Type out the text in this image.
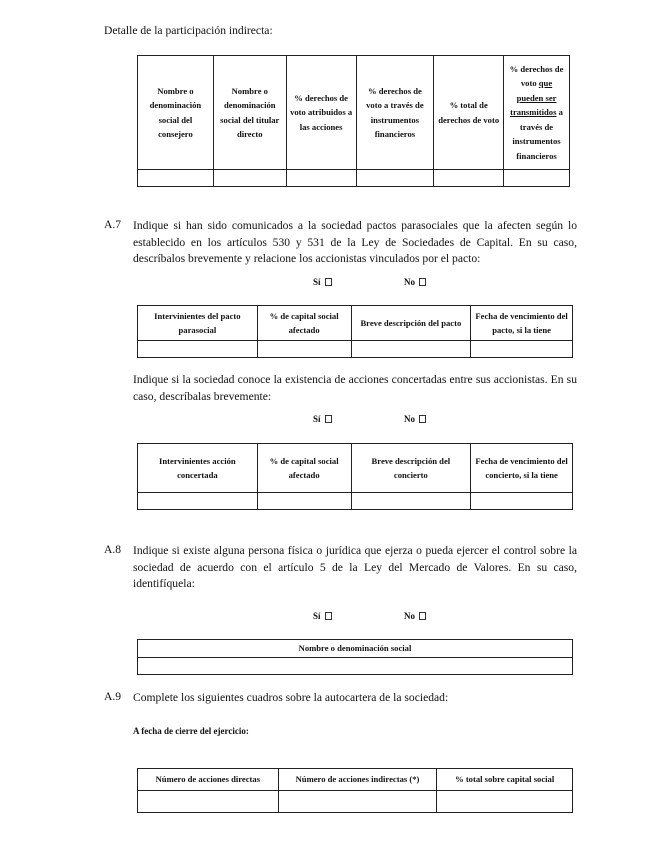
Detalle de la participación indirecta:
Nombre o denominación social del consejero	Nombre o denominación social del titular directo	% derechos de voto atribuidos a las acciones	% derechos de voto a través de instrumentos financieros	% total de derechos de voto	% derechos de voto que pueden ser transmitidos a través de instrumentos financieros

A.7 Indique si han sido comunicados a la sociedad pactos parasociales que la afecten según lo establecido en los artículos 530 y 531 de la Ley de Sociedades de Capital. En su caso, descríbalos brevemente y relacione los accionistas vinculados por el pacto:
Sí	No
Intervinientes del pacto parasocial	% de capital social afectado	Breve descripción del pacto	Fecha de vencimiento del pacto, si la tiene

Indique si la sociedad conoce la existencia de acciones concertadas entre sus accionistas. En su caso, descríbalas brevemente:
Sí	No
Intervinientes acción concertada	% de capital social afectado	Breve descripción del concierto	Fecha de vencimiento del concierto, si la tiene

A.8 Indique si existe alguna persona física o jurídica que ejerza o pueda ejercer el control sobre la sociedad de acuerdo con el artículo 5 de la Ley del Mercado de Valores. En su caso, identifíquela:
Sí	No
Nombre o denominación social

A.9 Complete los siguientes cuadros sobre la autocartera de la sociedad:
A fecha de cierre del ejercicio:
Número de acciones directas	Número de acciones indirectas (*)	% total sobre capital social
